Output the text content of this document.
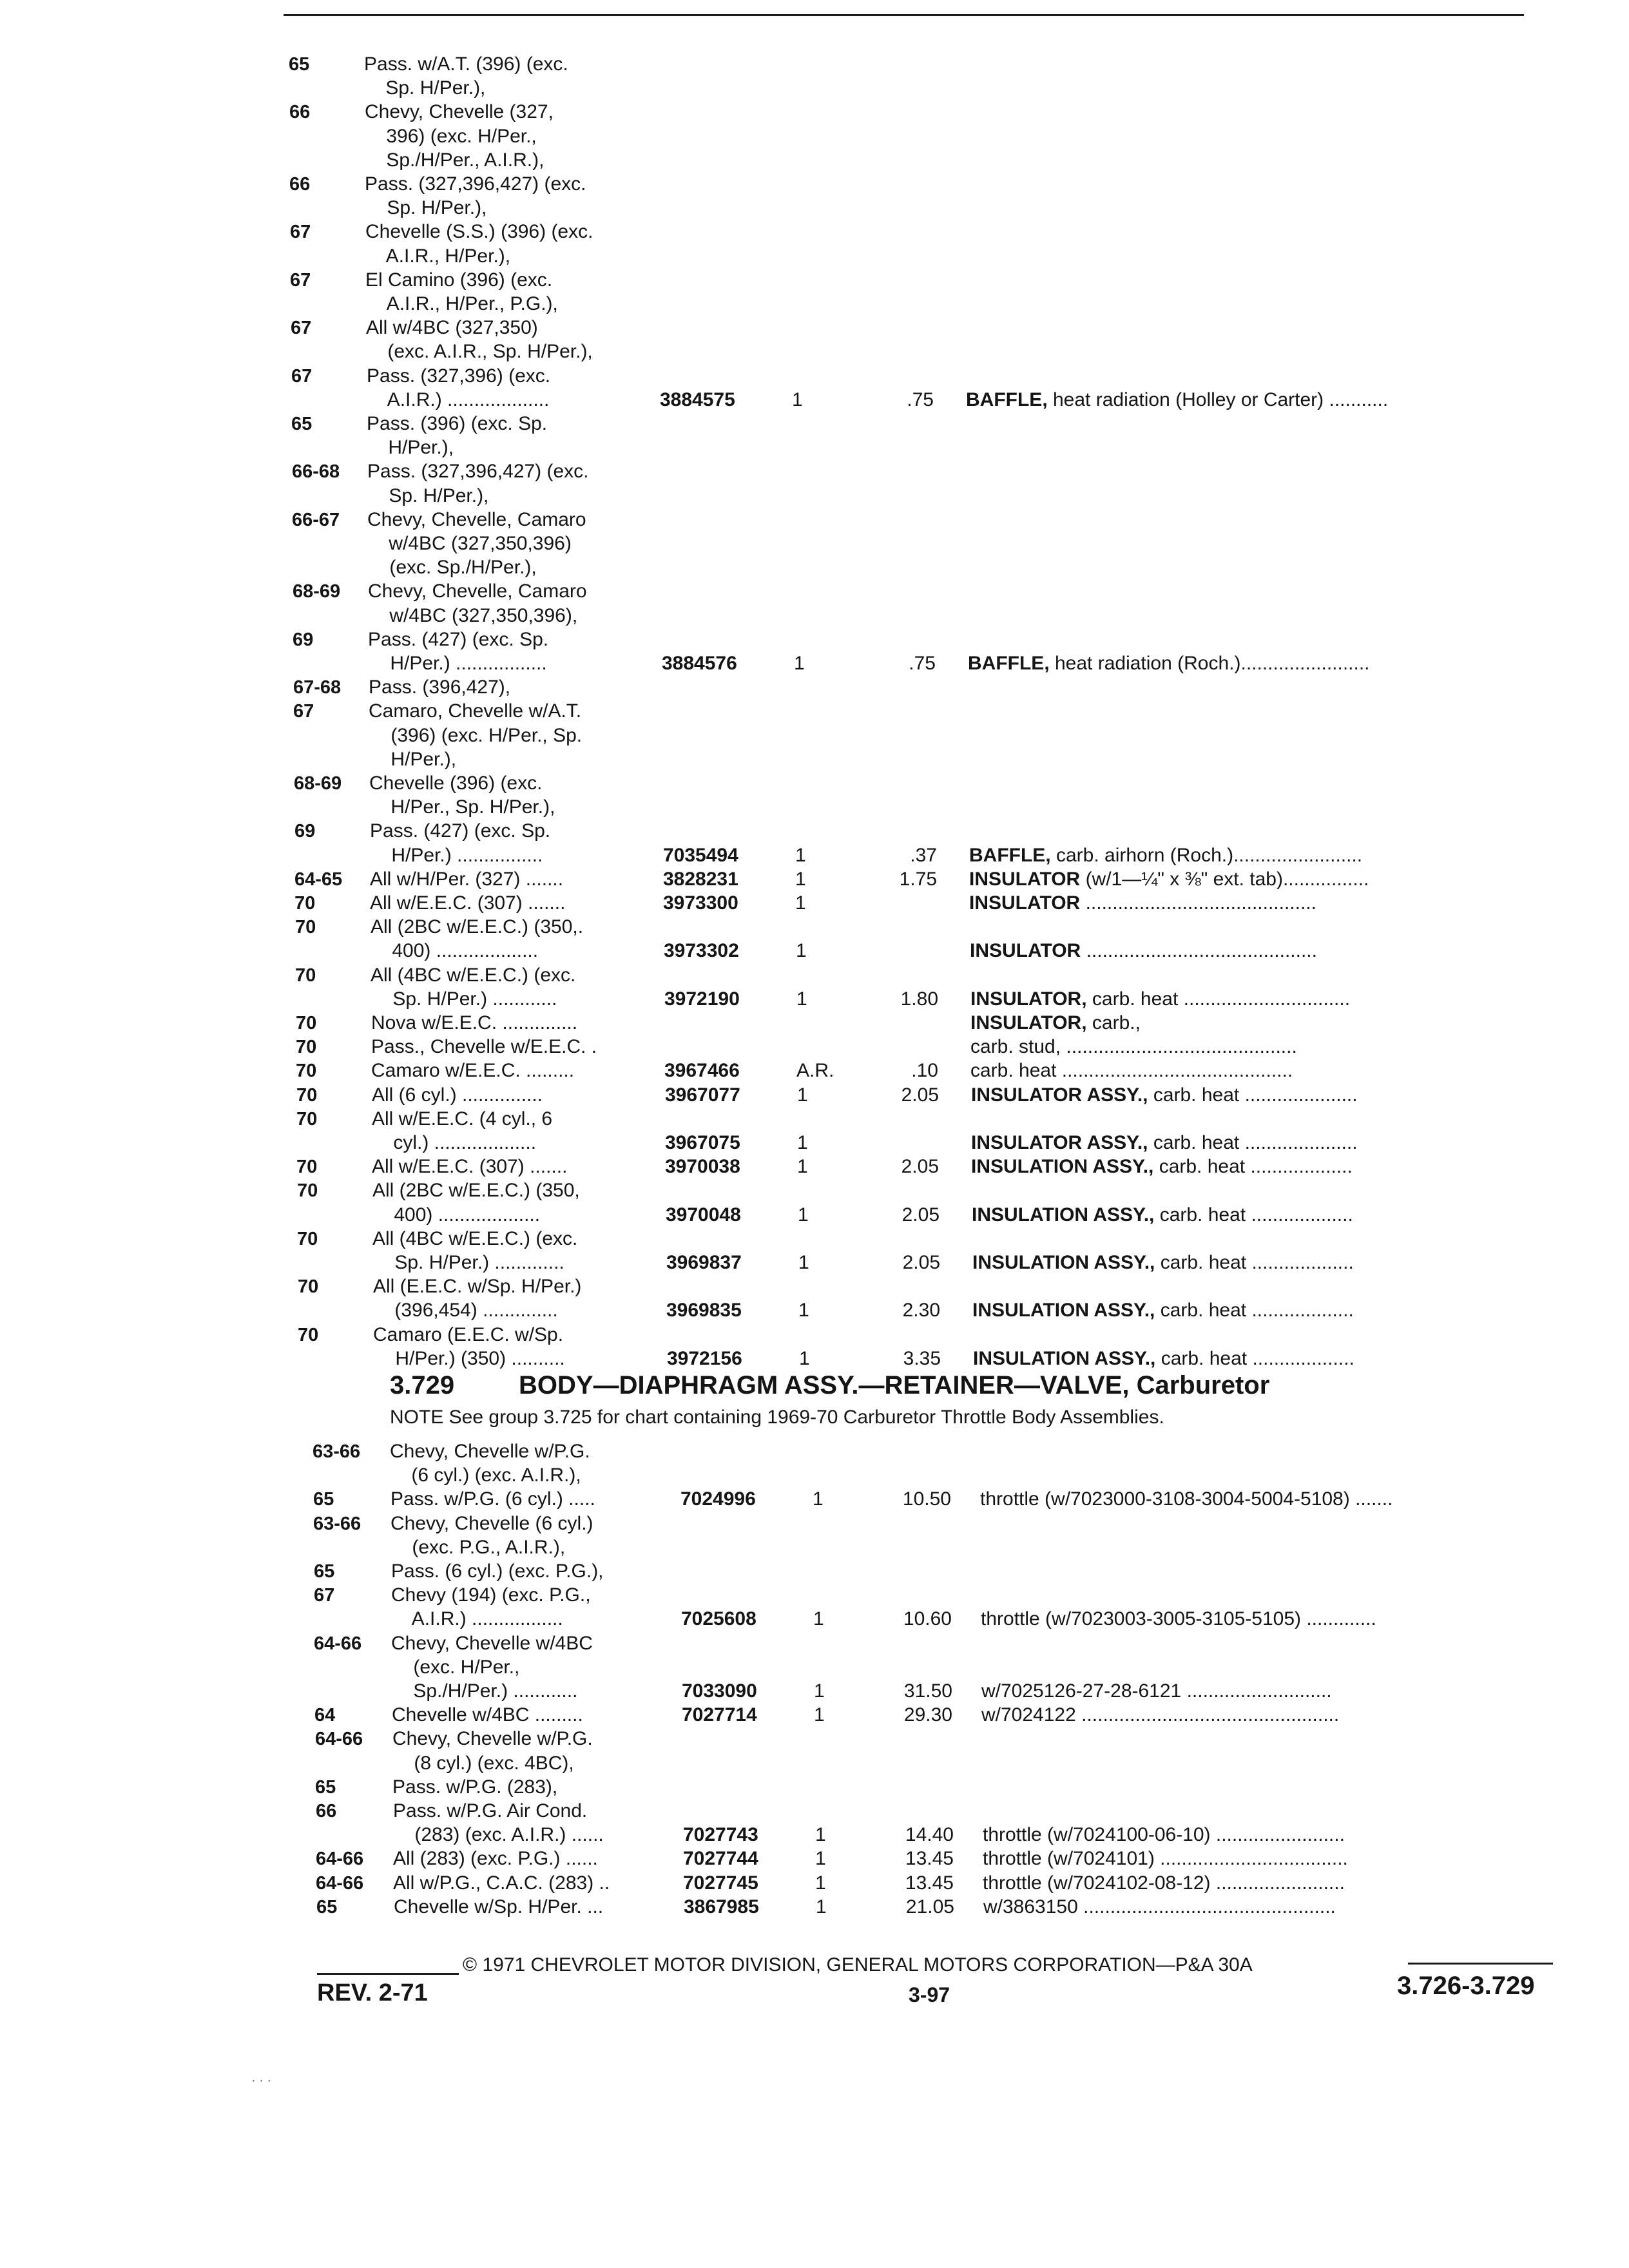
65	Pass. w/A.T. (396) (exc.
Sp. H/Per.),
66	Chevy, Chevelle (327,
396) (exc. H/Per.,
Sp./H/Per., A.I.R.),
66	Pass. (327,396,427) (exc.
Sp. H/Per.),
67	Chevelle (S.S.) (396) (exc.
A.I.R., H/Per.),
67	El Camino (396) (exc.
A.I.R., H/Per., P.G.),
67	All w/4BC (327,350)
(exc. A.I.R., Sp. H/Per.),
67	Pass. (327,396) (exc.
A.I.R.) ...................	3884575	1	.75 BAFFLE, heat radiation (Holley or Carter) ...........
65	Pass. (396) (exc. Sp.
H/Per.),
66-68 Pass. (327,396,427) (exc.
Sp. H/Per.),
66-67 Chevy, Chevelle, Camaro
w/4BC (327,350,396)
(exc. Sp./H/Per.),
68-69 Chevy, Chevelle, Camaro
w/4BC (327,350,396),
69	Pass. (427) (exc. Sp.
H/Per.) .................	3884576	1	.75 BAFFLE, heat radiation (Roch.)........................
67-68 Pass. (396,427),
67	Camaro, Chevelle w/A.T.
(396) (exc. H/Per., Sp.
H/Per.),
68-69 Chevelle (396) (exc.
H/Per., Sp. H/Per.),
69	Pass. (427) (exc. Sp.
H/Per.) ................	7035494	1	.37 BAFFLE, carb. airhorn (Roch.)........................
64-65 All w/H/Per. (327) .......	3828231	1	1.75 INSULATOR (w/1—¼" x ⅜" ext. tab)................
70	All w/E.E.C. (307) .......	3973300	1	INSULATOR ...........................................
70	All (2BC w/E.E.C.) (350,.
400) ...................	3973302	1	INSULATOR ...........................................
70	All (4BC w/E.E.C.) (exc.
Sp. H/Per.) ............	3972190	1	1.80 INSULATOR, carb. heat ...............................
70	Nova w/E.E.C. ..............	INSULATOR, carb.,
70	Pass., Chevelle w/E.E.C. .	carb. stud, ...........................................
70	Camaro w/E.E.C. .........	3967466	A.R.	.10 carb. heat ...........................................
70	All (6 cyl.) ...............	3967077	1	2.05 INSULATOR ASSY., carb. heat .....................
70	All w/E.E.C. (4 cyl., 6
cyl.) ...................	3967075	1	INSULATOR ASSY., carb. heat .....................
70	All w/E.E.C. (307) .......	3970038	1	2.05 INSULATION ASSY., carb. heat ...................
70	All (2BC w/E.E.C.) (350,
400) ...................	3970048	1	2.05 INSULATION ASSY., carb. heat ...................
70	All (4BC w/E.E.C.) (exc.
Sp. H/Per.) .............	3969837	1	2.05 INSULATION ASSY., carb. heat ...................
70	All (E.E.C. w/Sp. H/Per.)
(396,454) ..............	3969835	1	2.30 INSULATION ASSY., carb. heat ...................
70	Camaro (E.E.C. w/Sp.
H/Per.) (350) ..........	3972156	1	3.35 INSULATION ASSY., carb. heat ...................
3.729 BODY—DIAPHRAGM ASSY.—RETAINER—VALVE, Carburetor
NOTE See group 3.725 for chart containing 1969-70 Carburetor Throttle Body Assemblies.
63-66 Chevy, Chevelle w/P.G.
(6 cyl.) (exc. A.I.R.),
65	Pass. w/P.G. (6 cyl.) .....	7024996	1	10.50 throttle (w/7023000-3108-3004-5004-5108) .......
63-66 Chevy, Chevelle (6 cyl.)
(exc. P.G., A.I.R.),
65	Pass. (6 cyl.) (exc. P.G.),
67	Chevy (194) (exc. P.G.,
A.I.R.) .................	7025608	1	10.60 throttle (w/7023003-3005-3105-5105) .............
64-66 Chevy, Chevelle w/4BC
(exc. H/Per.,
Sp./H/Per.) ............	7033090	1	31.50 w/7025126-27-28-6121 ...........................
64	Chevelle w/4BC .........	7027714	1	29.30 w/7024122 ................................................
64-66 Chevy, Chevelle w/P.G.
(8 cyl.) (exc. 4BC),
65	Pass. w/P.G. (283),
66	Pass. w/P.G. Air Cond.
(283) (exc. A.I.R.) ......	7027743	1	14.40 throttle (w/7024100-06-10) ........................
64-66 All (283) (exc. P.G.) ......	7027744	1	13.45 throttle (w/7024101) ...................................
64-66 All w/P.G., C.A.C. (283) ..	7027745	1	13.45 throttle (w/7024102-08-12) ........................
65	Chevelle w/Sp. H/Per. ...	3867985	1	21.05 w/3863150 ...............................................
© 1971 CHEVROLET MOTOR DIVISION, GENERAL MOTORS CORPORATION—P&A 30A
REV. 2-71	3-97	3.726-3.729
· · ·
